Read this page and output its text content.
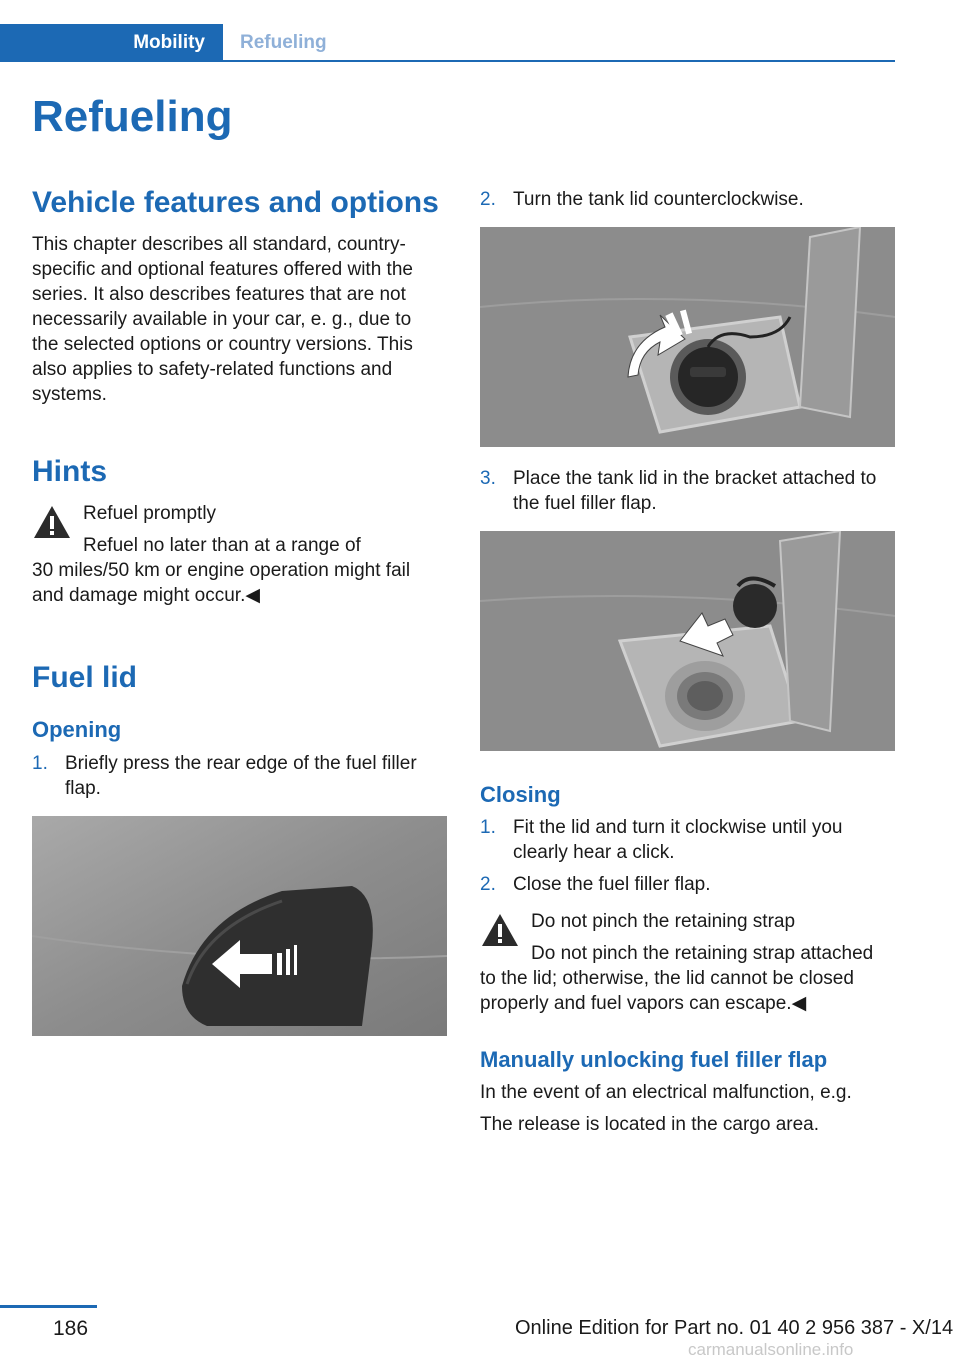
Mobility	Refueling
Refueling
Vehicle features and options

This chapter describes all standard, country-specific and optional features offered with the series. It also describes features that are not necessarily available in your car, e. g., due to the selected options or country versions. This also applies to safety-related functions and systems.

Hints

Refuel promptly

Refuel no later than at a range of

30 miles/50 km or engine operation might fail and damage might occur.◀

Fuel lid
Opening
1. Briefly press the rear edge of the fuel filler flap.
2. Turn the tank lid counterclockwise.
3. Place the tank lid in the bracket attached to the fuel filler flap.
Closing
1. Fit the lid and turn it clockwise until you clearly hear a click.
2. Close the fuel filler flap.

Do not pinch the retaining strap

Do not pinch the retaining strap attached

to the lid; otherwise, the lid cannot be closed properly and fuel vapors can escape.◀

Manually unlocking fuel filler flap

In the event of an electrical malfunction, e.g.

The release is located in the cargo area.

186	Online Edition for Part no. 01 40 2 956 387 - X/14
carmanualsonline.info
